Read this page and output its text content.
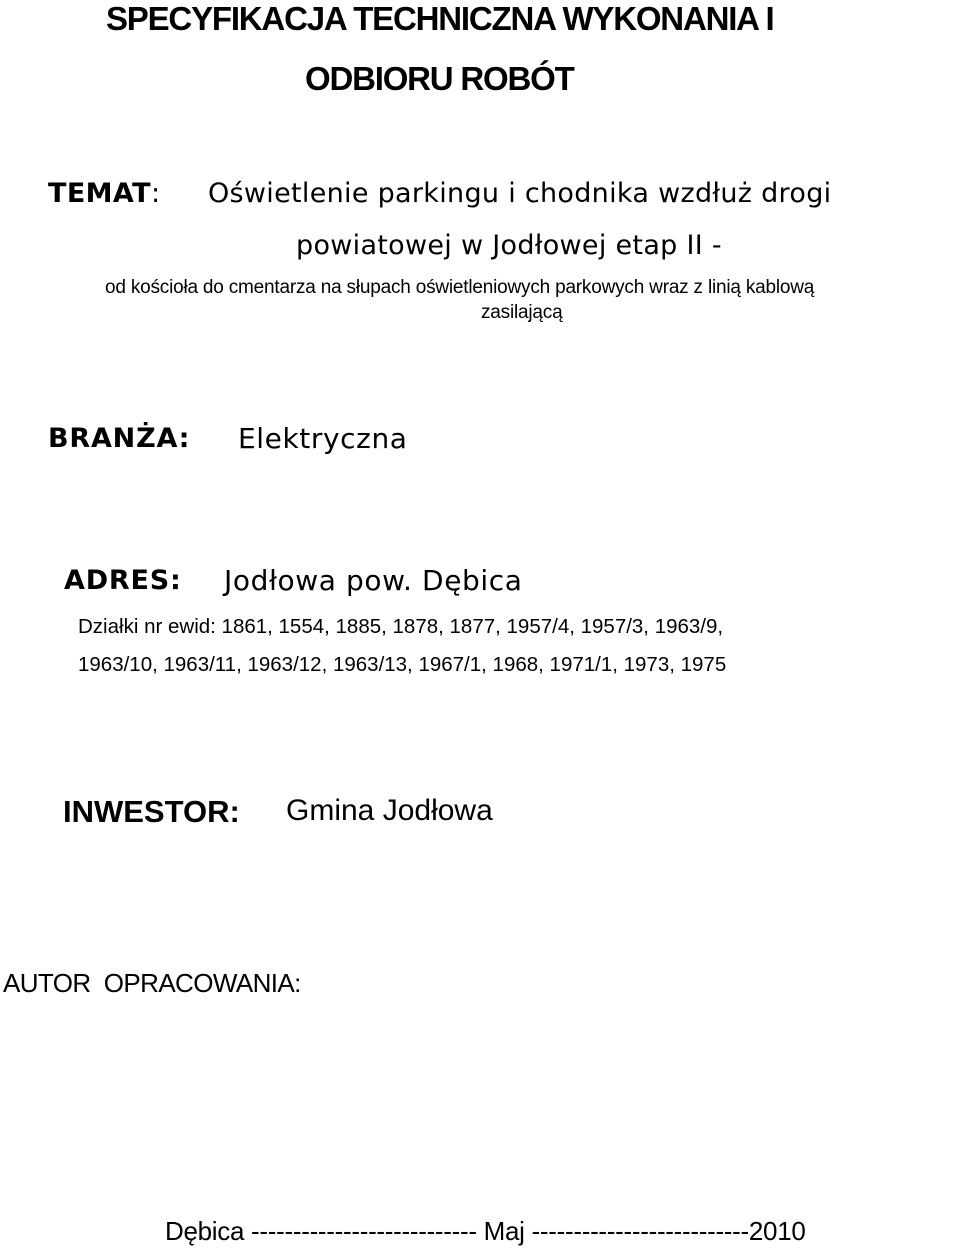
SPECYFIKACJA TECHNICZNA WYKONANIA I
ODBIORU ROBÓT
TEMAT: Oświetlenie parkingu i chodnika wzdłuż drogi
powiatowej w Jodłowej etap II -
od kościoła do cmentarza na słupach oświetleniowych parkowych wraz z linią kablową
zasilającą
BRANŻA: Elektryczna
ADRES: Jodłowa pow. Dębica
Działki nr ewid: 1861, 1554, 1885, 1878, 1877, 1957/4, 1957/3, 1963/9,
1963/10, 1963/11, 1963/12, 1963/13, 1967/1, 1968, 1971/1, 1973, 1975
INWESTOR: Gmina Jodłowa
AUTOR  OPRACOWANIA:
Dębica --------------------------- Maj --------------------------2010
